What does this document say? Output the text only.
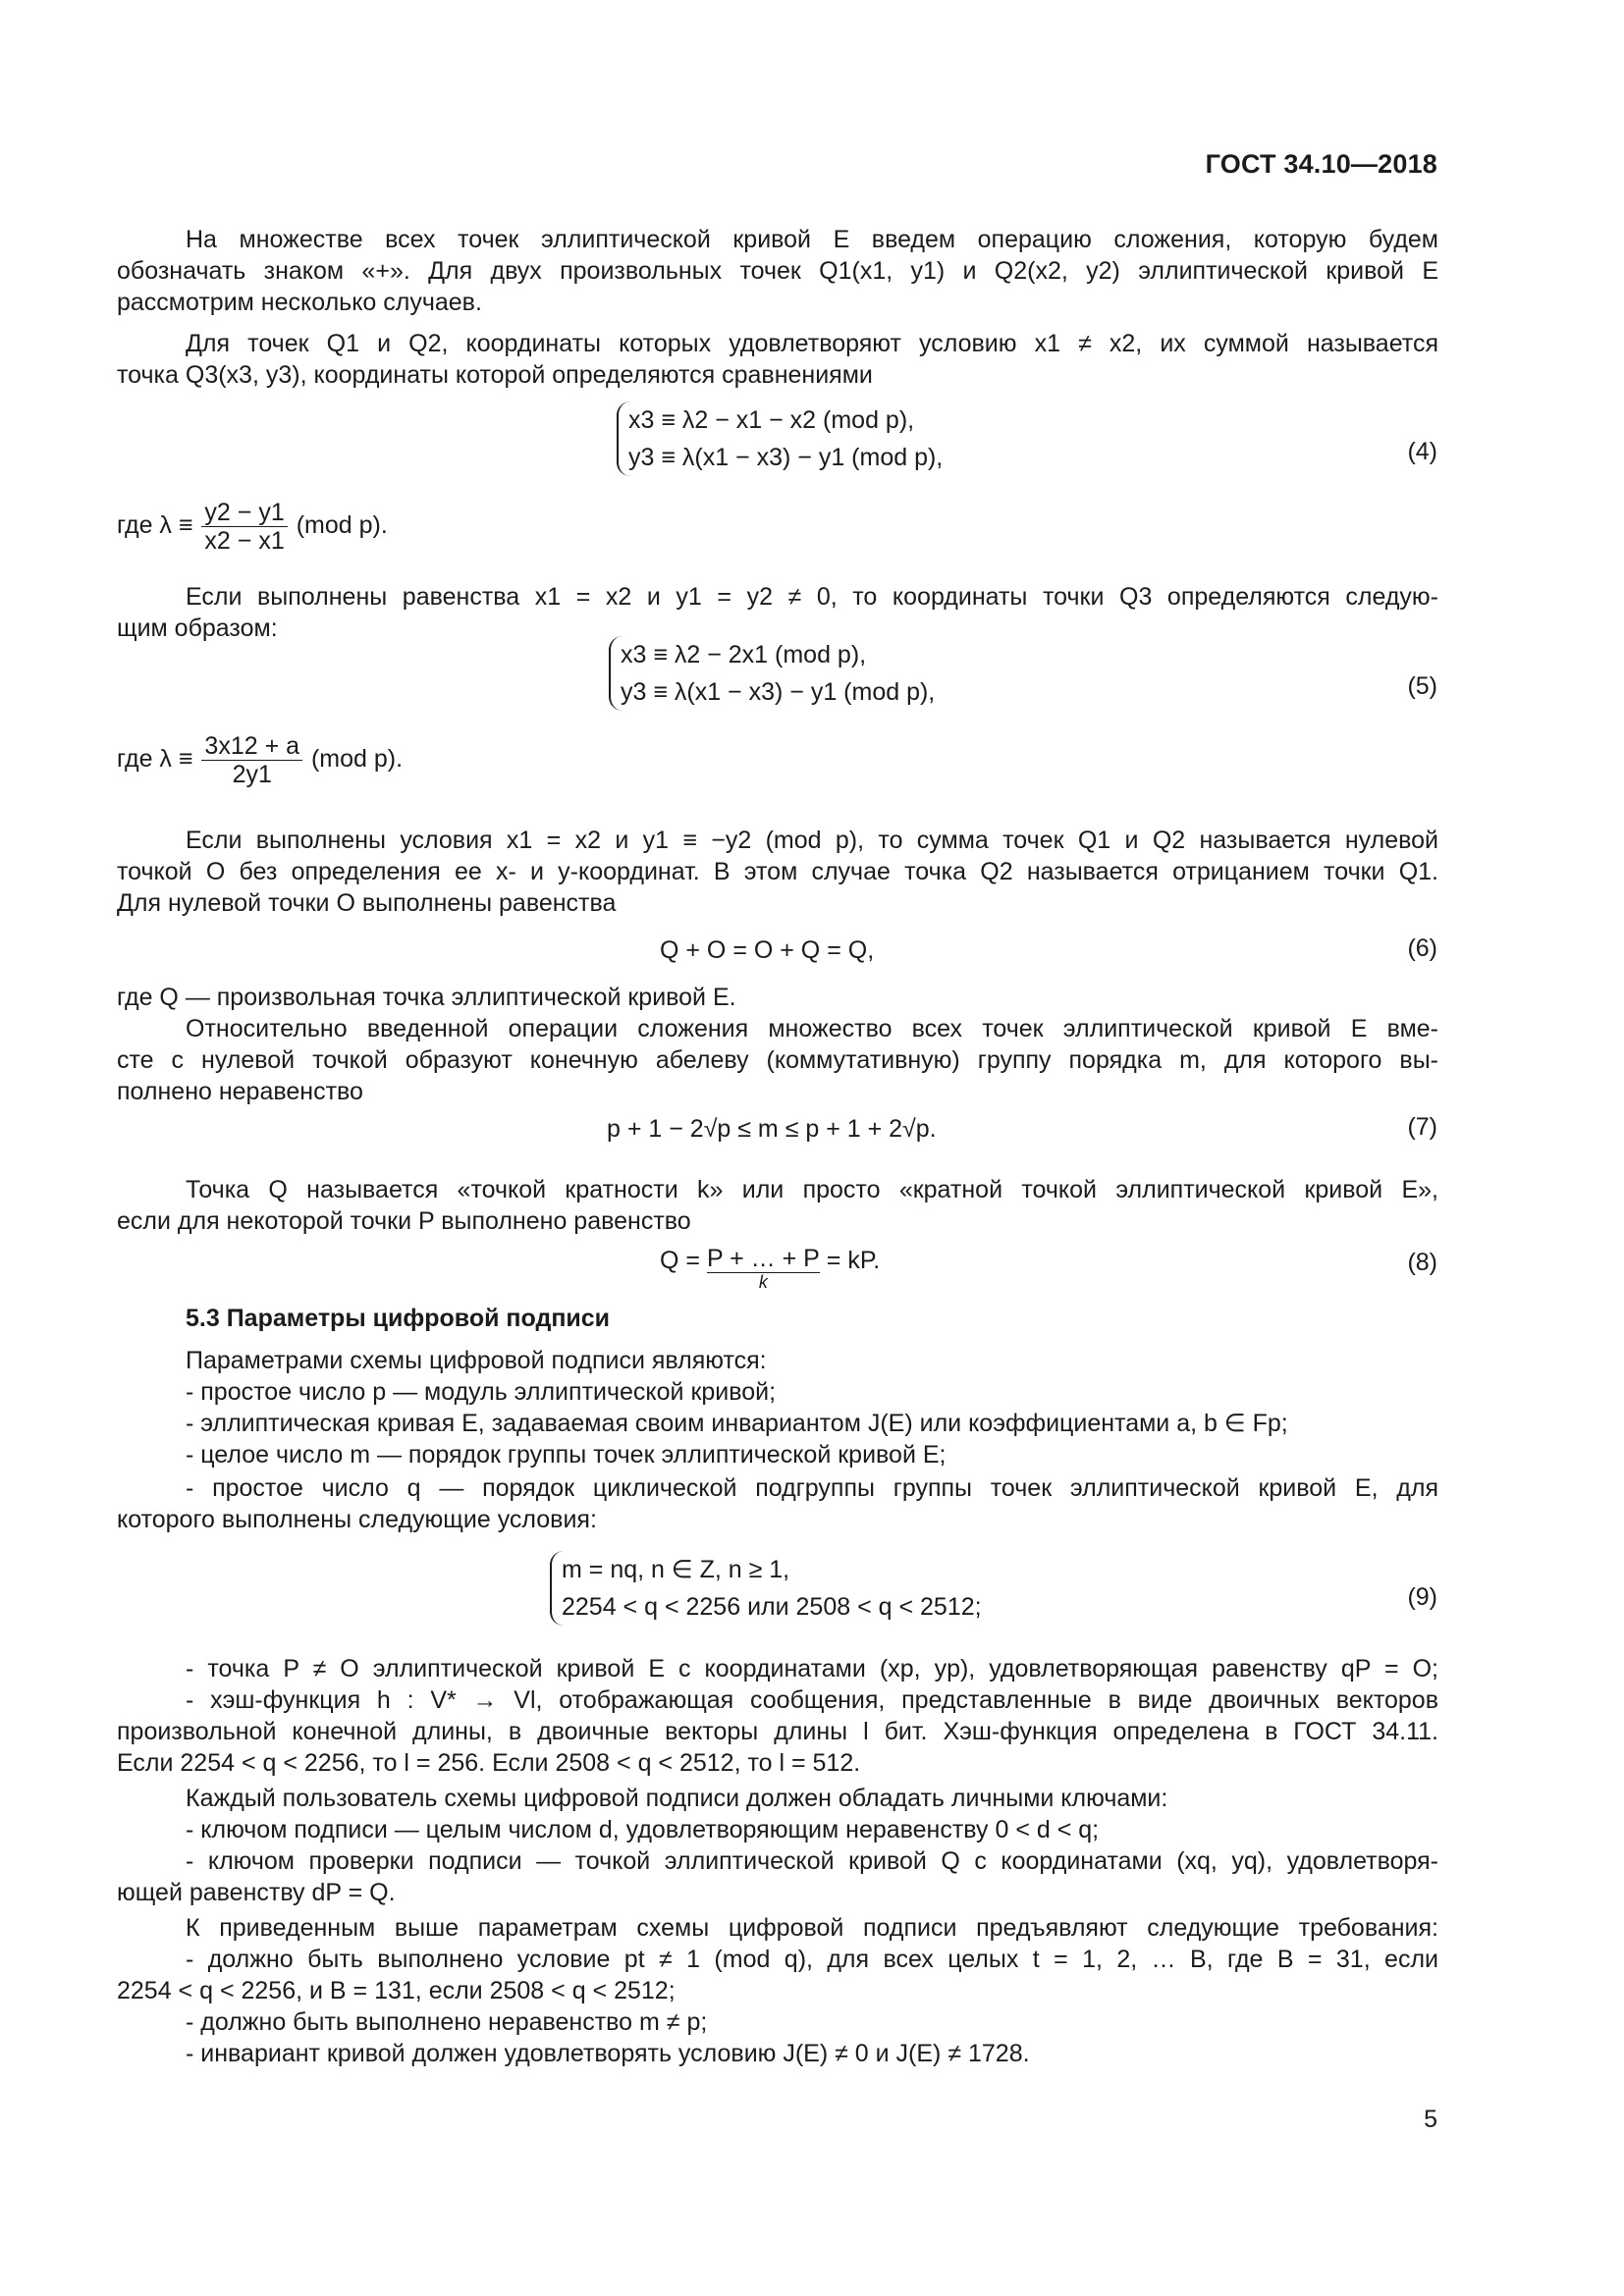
ГОСТ 34.10—2018
На множестве всех точек эллиптической кривой E введем операцию сложения, которую будем
обозначать знаком «+». Для двух произвольных точек Q1(x1, y1) и Q2(x2, y2) эллиптической кривой E
рассмотрим несколько случаев.
Для точек Q1 и Q2, координаты которых удовлетворяют условию x1 ≠ x2, их суммой называется
точка Q3(x3, y3), координаты которой определяются сравнениями
x3 ≡ λ2 − x1 − x2 (mod p),
y3 ≡ λ(x1 − x3) − y1 (mod p),	(4)
где $\lambda \equiv \frac{y2 - y1}{x2 - x1} (mod$ p).
Если выполнены равенства x1 = x2 и y1 = y2 ≠ 0, то координаты точки Q3 определяются следую-
щим образом:
x3 ≡ λ2 − 2x1 (mod p),
y3 ≡ λ(x1 − x3) − y1 (mod p),	(5)
где $\lambda \equiv \frac{3x12 + a}{2y1} (mod$ p).
Если выполнены условия x1 = x2 и y1 ≡ −y2 (mod p), то сумма точек Q1 и Q2 называется нулевой
точкой O без определения ее x- и y-координат. В этом случае точка Q2 называется отрицанием точки Q1.
Для нулевой точки O выполнены равенства
Q + O = O + Q = Q,	(6)
где Q — произвольная точка эллиптической кривой E.
Относительно введенной операции сложения множество всех точек эллиптической кривой E вме-
сте с нулевой точкой образуют конечную абелеву (коммутативную) группу порядка m, для которого вы-
полнено неравенство
p + 1 − 2√p ≤ m ≤ p + 1 + 2√p.	(7)
Точка Q называется «точкой кратности k» или просто «кратной точкой эллиптической кривой E»,
если для некоторой точки P выполнено равенство
Q = P + … + P
k
= kP.	(8)
5.3 Параметры цифровой подписи
Параметрами схемы цифровой подписи являются:
- простое число p — модуль эллиптической кривой;
- эллиптическая кривая E, задаваемая своим инвариантом J(E) или коэффициентами a, b ∈ Fp;
- целое число m — порядок группы точек эллиптической кривой E;
- простое число q — порядок циклической подгруппы группы точек эллиптической кривой E, для
которого выполнены следующие условия:
m = nq, n ∈ Z, n ≥ 1,
2254 < q < 2256 или 2508 < q < 2512;	(9)
- точка P ≠ O эллиптической кривой E с координатами (xp, yp), удовлетворяющая равенству qP = O;
- хэш-функция h : V* → Vl, отображающая сообщения, представленные в виде двоичных векторов
произвольной конечной длины, в двоичные векторы длины l бит. Хэш-функция определена в ГОСТ 34.11.
Если 2254 < q < 2256, то l = 256. Если 2508 < q < 2512, то l = 512.
Каждый пользователь схемы цифровой подписи должен обладать личными ключами:
- ключом подписи — целым числом d, удовлетворяющим неравенству 0 < d < q;
- ключом проверки подписи — точкой эллиптической кривой Q с координатами (xq, yq), удовлетворя-
ющей равенству dP = Q.
К приведенным выше параметрам схемы цифровой подписи предъявляют следующие требования:
- должно быть выполнено условие pt ≠ 1 (mod q), для всех целых t = 1, 2, … B, где B = 31, если
2254 < q < 2256, и B = 131, если 2508 < q < 2512;
- должно быть выполнено неравенство m ≠ p;
- инвариант кривой должен удовлетворять условию J(E) ≠ 0 и J(E) ≠ 1728.
5
